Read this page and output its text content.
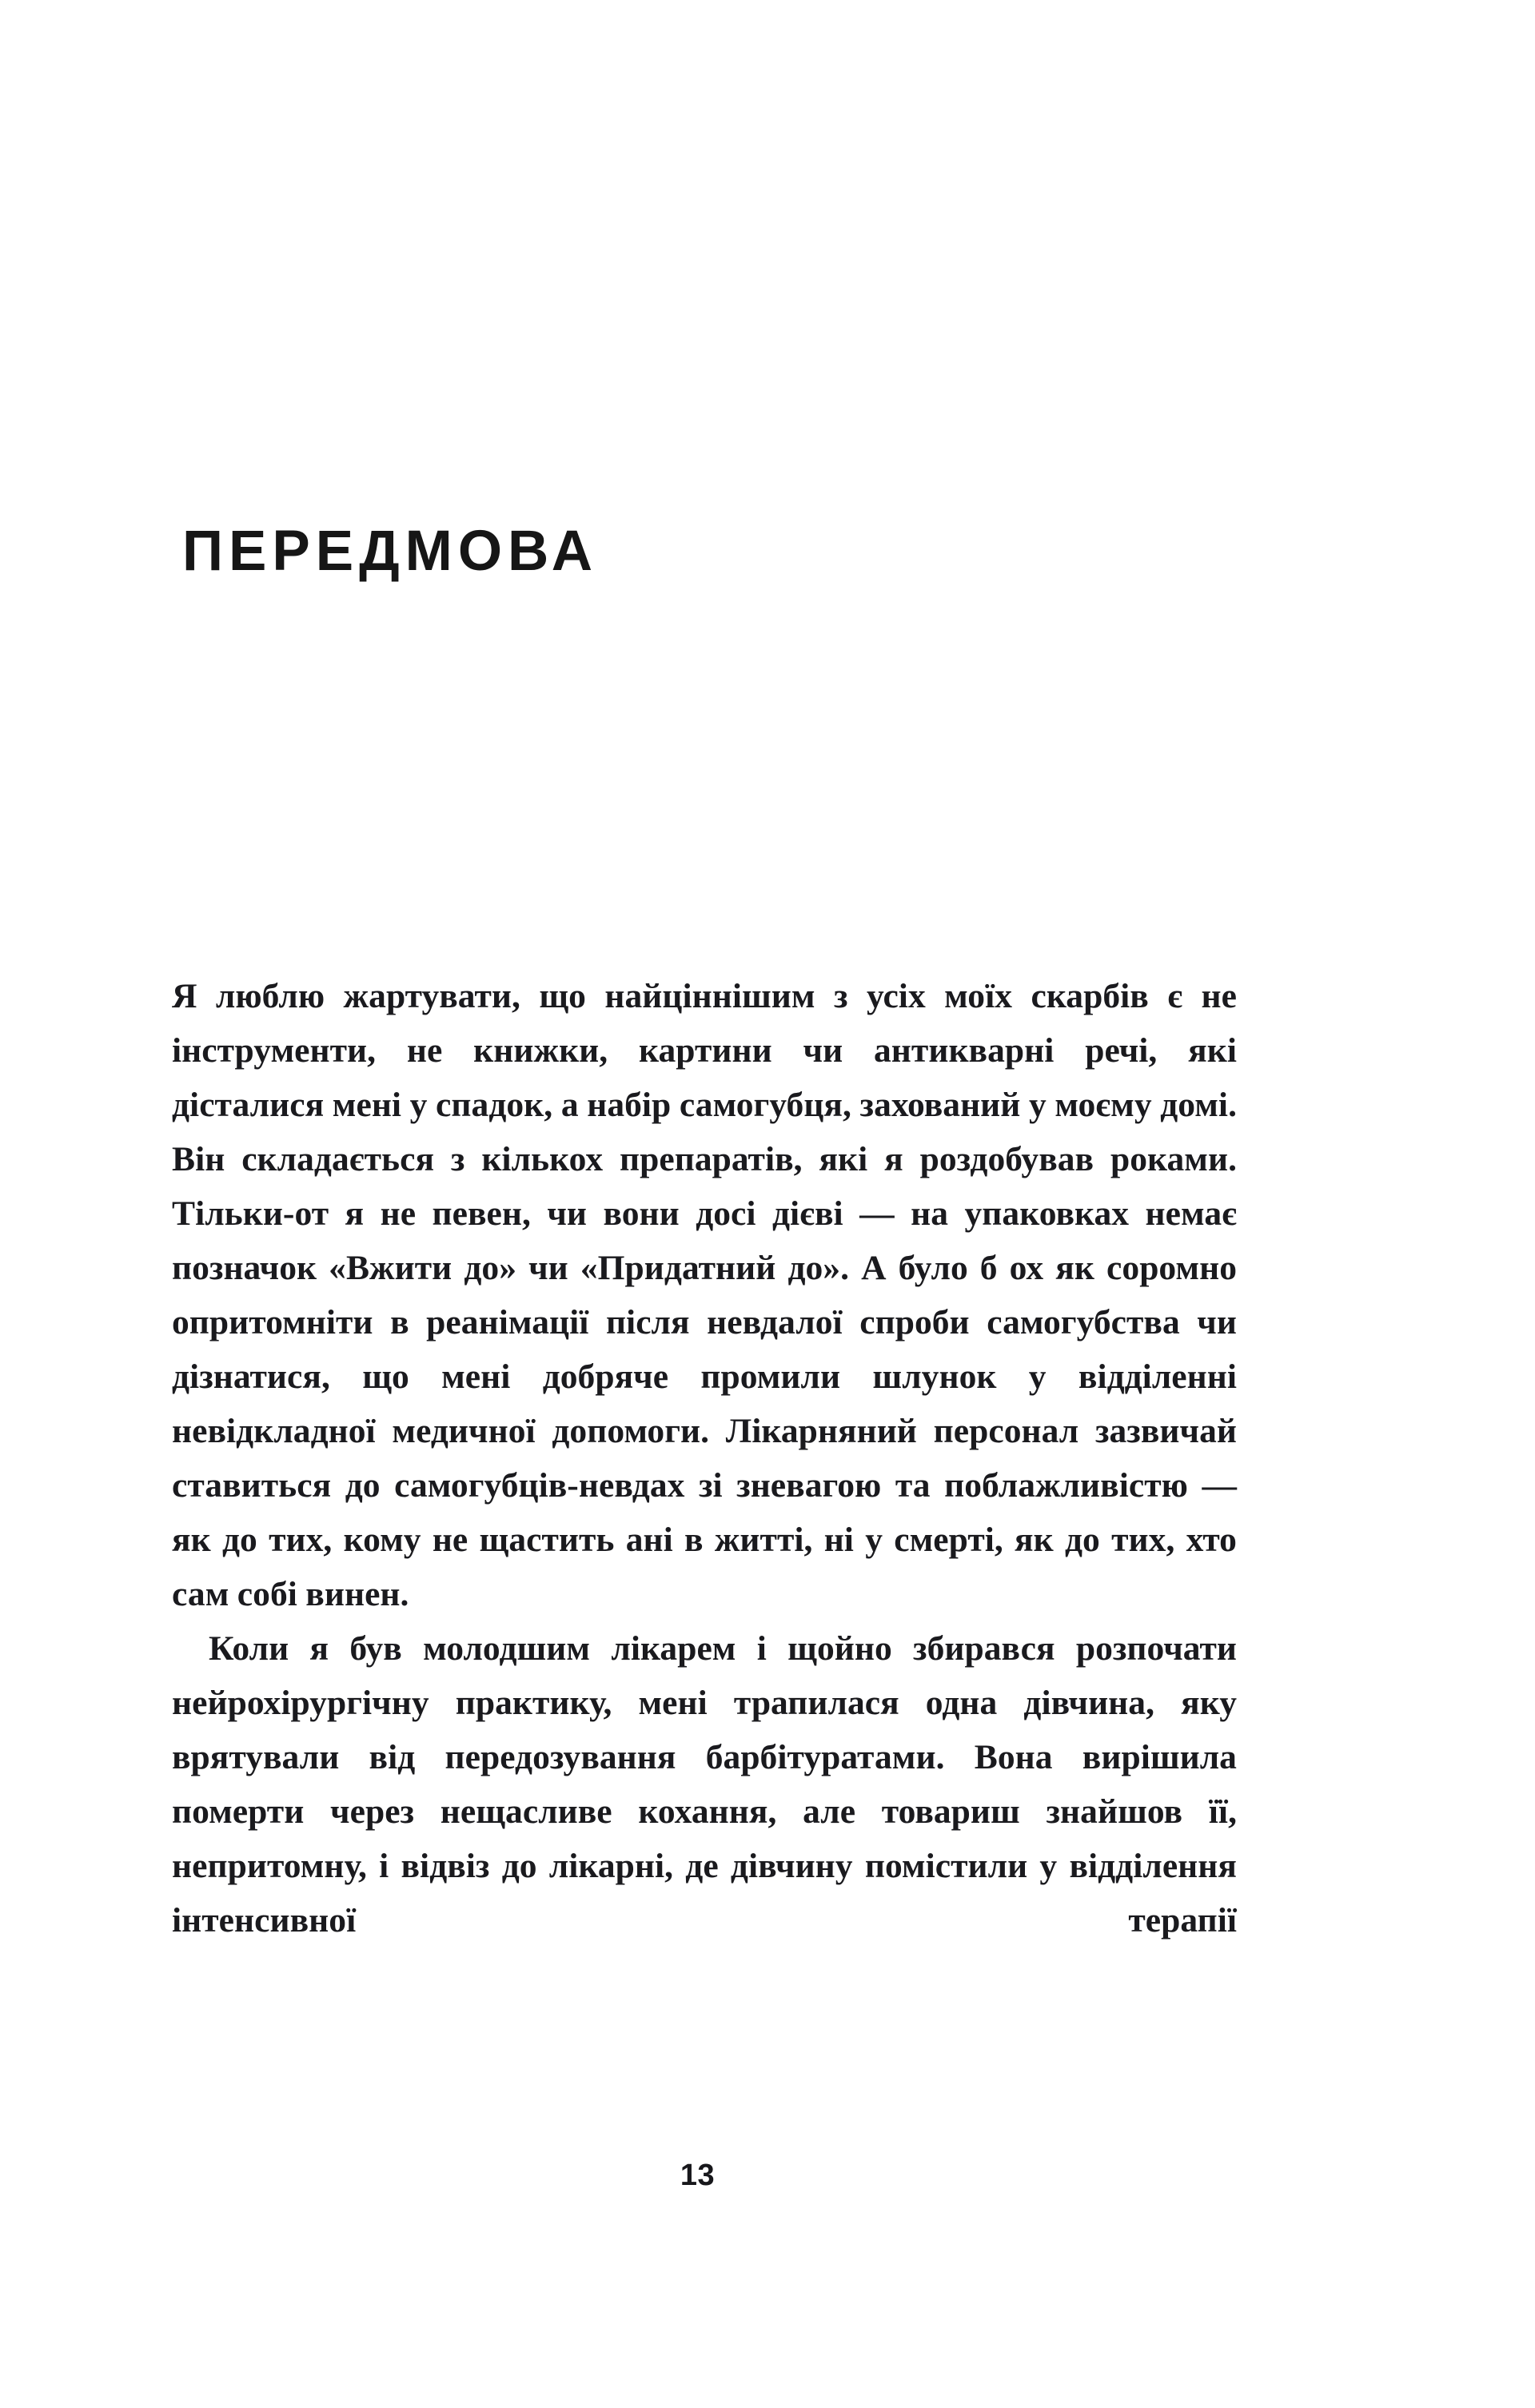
ПЕРЕДМОВА

Я люблю жартувати, що найціннішим з усіх моїх скарбів є не інструменти, не книжки, картини чи антикварні речі, які дісталися мені у спадок, а набір самогубця, захований у моєму домі. Він складається з кількох препаратів, які я роздобував роками. Тільки-от я не певен, чи вони досі дієві — на упаковках немає позначок «Вжити до» чи «Придатний до». А було б ох як соромно опритомніти в реанімації після невдалої спроби самогубства чи дізнатися, що мені добряче промили шлунок у відділенні невідкладної медичної допомоги. Лікарняний персонал зазвичай ставиться до самогубців-невдах зі зневагою та поблажливістю — як до тих, кому не щастить ані в житті, ні у смерті, як до тих, хто сам собі винен.

Коли я був молодшим лікарем і щойно збирався розпочати нейрохірургічну практику, мені трапилася одна дівчина, яку врятували від передозування барбітуратами. Вона вирішила померти через нещасливе кохання, але товариш знайшов її, непритомну, і відвіз до лікарні, де дівчину помістили у відділення інтенсивної терапії

13
